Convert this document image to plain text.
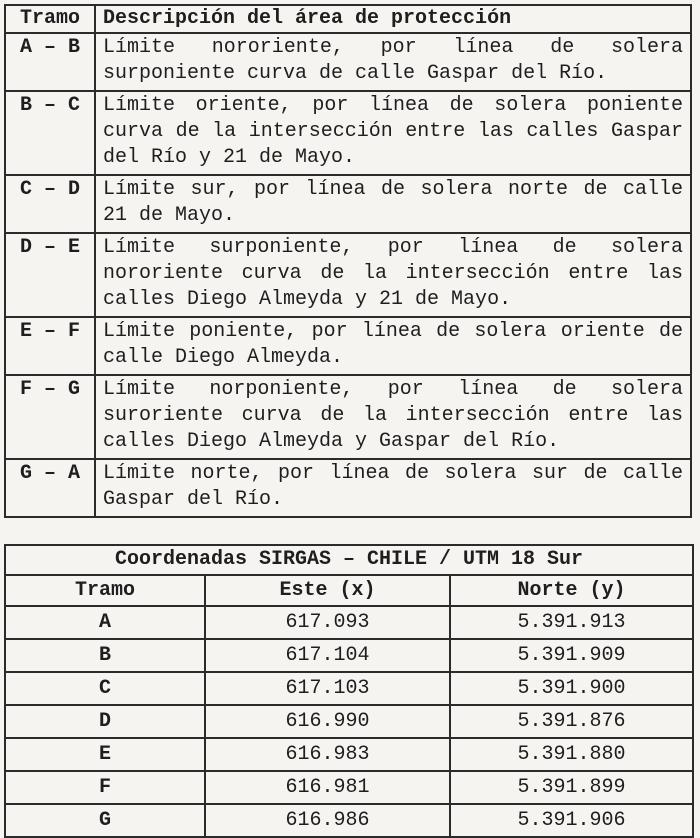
Tramo	Descripción del área de protección
A – B	Límite nororiente, por línea de solera surponiente curva de calle Gaspar del Río.
B – C	Límite oriente, por línea de solera poniente curva de la intersección entre las calles Gaspar del Río y 21 de Mayo.
C – D	Límite sur, por línea de solera norte de calle 21 de Mayo.
D – E	Límite surponiente, por línea de solera nororiente curva de la intersección entre las calles Diego Almeyda y 21 de Mayo.
E – F	Límite poniente, por línea de solera oriente de calle Diego Almeyda.
F – G	Límite norponiente, por línea de solera suroriente curva de la intersección entre las calles Diego Almeyda y Gaspar del Río.
G – A	Límite norte, por línea de solera sur de calle Gaspar del Río.
Coordenadas SIRGAS – CHILE / UTM 18 Sur		
Tramo	Este (x)	Norte (y)
A	617.093	5.391.913
B	617.104	5.391.909
C	617.103	5.391.900
D	616.990	5.391.876
E	616.983	5.391.880
F	616.981	5.391.899
G	616.986	5.391.906
